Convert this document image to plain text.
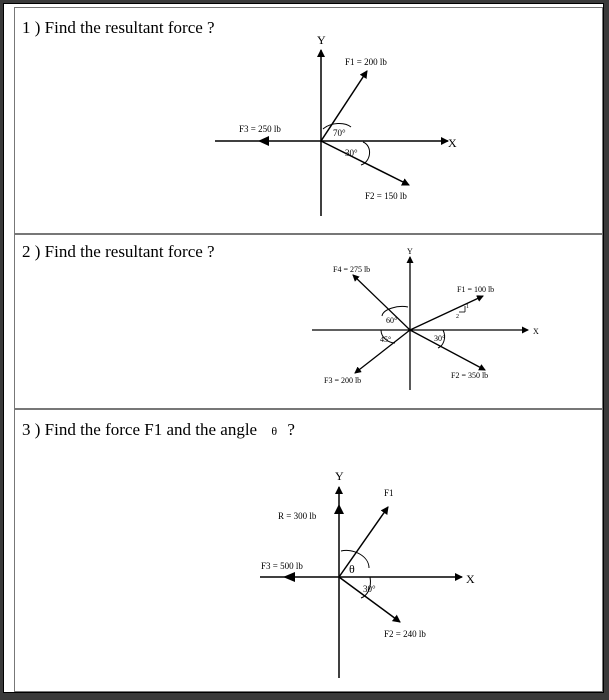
1 ) Find the resultant force ?
Y
X
F1 = 200 lb
F3 = 250 lb
F2 = 150 lb
70°
30°
2 ) Find the resultant force ?	Y
X
F4 = 275 lb
F1 = 100 lb
F2 = 350 lb
F3 = 200 lb
60°
45°	30°
1
2
3 ) Find the force F1 and the angle θ ?
Y
X
R = 300 lb
F1
F3 = 500 lb
F2 = 240 lb
θ
30°
